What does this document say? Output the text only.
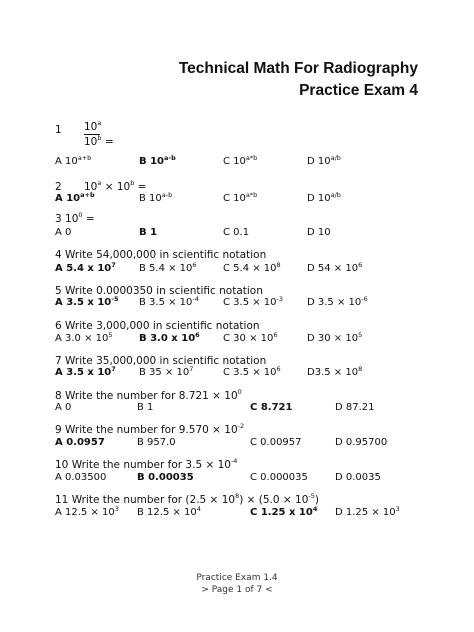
Technical Math For Radiography
Practice Exam 4
1 10$^a$
$10^b$ =
A $10^{a+b}$	B 10$^{a-b}$	C $10^{a*b}$	D $10^{a/b}$
2 $10^a \times 10^b$ =
A $10^{a+b}$	B 10$^{a-b}$	C $10^{a*b}$	D $10^{a/b}$
3 $10^0$ =
A 0	B 1	C 0.1	D 10
4 Write 54,000,000 in scientific notation
A 5.4 x $10^7$ B $5.4 \times 10^6$	C $5.4 \times 10^8$	D $54 \times 10^6$
5 Write 0.0000350 in scientific notation
A 3.5 x $10^{-5}$ B $3.5 \times 10^{-4}$ C $3.5 \times 10^{-3}$ D $3.5 \times 10^{-6}$
6 Write 3,000,000 in scientific notation
A $3.0 \times 10^5$	B 3.0 x $10^6$ C $30 \times 10^6$	D $30 \times 10^5$
7 Write 35,000,000 in scientific notation
A 3.5 x $10^7$ B $35 \times 10^7$	C $3.5 \times 10^6$	$D3.5 \times 10^8$
8 Write the number for $8.721 \times 10^0$
A 0	B 1	C 8.721	D 87.21
9 Write the number for $9.570 \times 10^{-2}$
A 0.0957	B 957.0	C 0.00957	D 0.95700
10 Write the number for $3.5 \times 10^{-4}$
A 0.03500	B 0.00035	C 0.000035	D 0.0035
11 Write the number for $(2.5 \times 10^8) \times (5.0 \times 10^{-5})$
A $12.5 \times 10^3$ B $12.5 \times 10^4$	C 1.25 x $10^4$ D $1.25 \times 10^3$
Practice Exam 1.4
> Page 1 of 7 <
